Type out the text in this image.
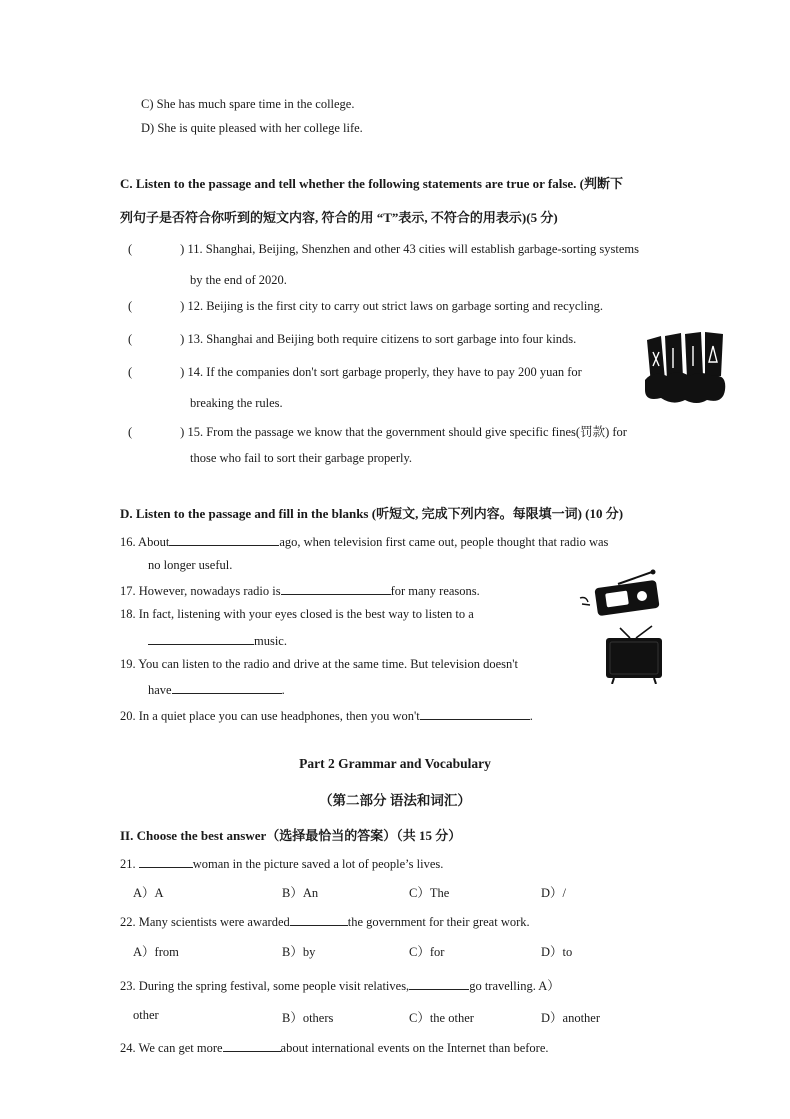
C) She has much spare time in the college.
D) She is quite pleased with her college life.
C. Listen to the passage and tell whether the following statements are true or false. (判断下
列句子是否符合你听到的短文内容, 符合的用 “T”表示, 不符合的用表示)(5 分)
(	) 11. Shanghai, Beijing, Shenzhen and other 43 cities will establish garbage-sorting systems
by the end of 2020.
(	) 12. Beijing is the first city to carry out strict laws on garbage sorting and recycling.
(	) 13. Shanghai and Beijing both require citizens to sort garbage into four kinds.
(	) 14. If the companies don't sort garbage properly, they have to pay 200 yuan for
breaking the rules.
(	) 15. From the passage we know that the government should give specific fines(罚款) for
those who fail to sort their garbage properly.
D. Listen to the passage and fill in the blanks (听短文, 完成下列内容。每限填一词) (10 分)
16. About	ago, when television first came out, people thought that radio was
no longer useful.
17. However, nowadays radio is	for many reasons.
18. In fact, listening with your eyes closed is the best way to listen to a
music.
19. You can listen to the radio and drive at the same time. But television doesn't
have	.
20. In a quiet place you can use headphones, then you won't	.
Part 2 Grammar and Vocabulary
（第二部分 语法和词汇）
II. Choose the best answer（选择最恰当的答案）（共 15 分）
21.	woman in the picture saved a lot of people’s lives.
A）A	B）An	C）The	D）/
22. Many scientists were awarded	the government for their great work.
A）from	B）by	C）for	D）to
23. During the spring festival, some people visit relatives,	go travelling. A）
other	B）others	C）the other	D）another
24. We can get more	about international events on the Internet than before.
